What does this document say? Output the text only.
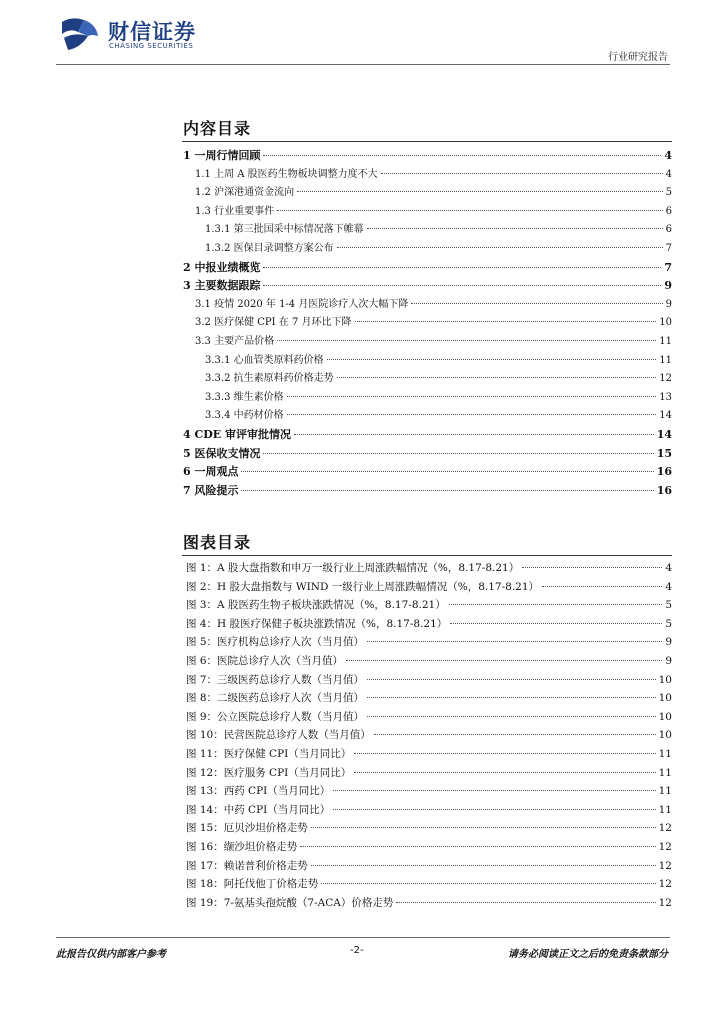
财信证券
CHASING SECURITIES
行业研究报告
内容目录
1 一周行情回顾	4
1.1 上周 A 股医药生物板块调整力度不大	4
1.2 沪深港通资金流向	5
1.3 行业重要事件	6
1.3.1 第三批国采中标情况落下帷幕	6
1.3.2 医保目录调整方案公布	7
2 中报业绩概览	7
3 主要数据跟踪	9
3.1 疫情 2020 年 1-4 月医院诊疗人次大幅下降	9
3.2 医疗保健 CPI 在 7 月环比下降	10
3.3 主要产品价格	11
3.3.1 心血管类原料药价格	11
3.3.2 抗生素原料药价格走势	12
3.3.3 维生素价格	13
3.3.4 中药材价格	14
4 CDE 审评审批情况	14
5 医保收支情况	15
6 一周观点	16
7 风险提示	16
图表目录
图 1：A 股大盘指数和申万一级行业上周涨跌幅情况（%，8.17-8.21）	4
图 2：H 股大盘指数与 WIND 一级行业上周涨跌幅情况（%，8.17-8.21）	4
图 3：A 股医药生物子板块涨跌情况（%，8.17-8.21）	5
图 4：H 股医疗保健子板块涨跌情况（%，8.17-8.21）	5
图 5：医疗机构总诊疗人次（当月值）	9
图 6：医院总诊疗人次（当月值）	9
图 7：三级医药总诊疗人数（当月值）	10
图 8：二级医药总诊疗人次（当月值）	10
图 9：公立医院总诊疗人数（当月值）	10
图 10：民营医院总诊疗人数（当月值）	10
图 11：医疗保健 CPI（当月同比）	11
图 12：医疗服务 CPI（当月同比）	11
图 13：西药 CPI（当月同比）	11
图 14：中药 CPI（当月同比）	11
图 15：厄贝沙坦价格走势	12
图 16：缬沙坦价格走势	12
图 17：赖诺普利价格走势	12
图 18：阿托伐他丁价格走势	12
图 19：7-氨基头孢烷酸（7-ACA）价格走势	12
此报告仅供内部客户参考	-2-	请务必阅读正文之后的免责条款部分
